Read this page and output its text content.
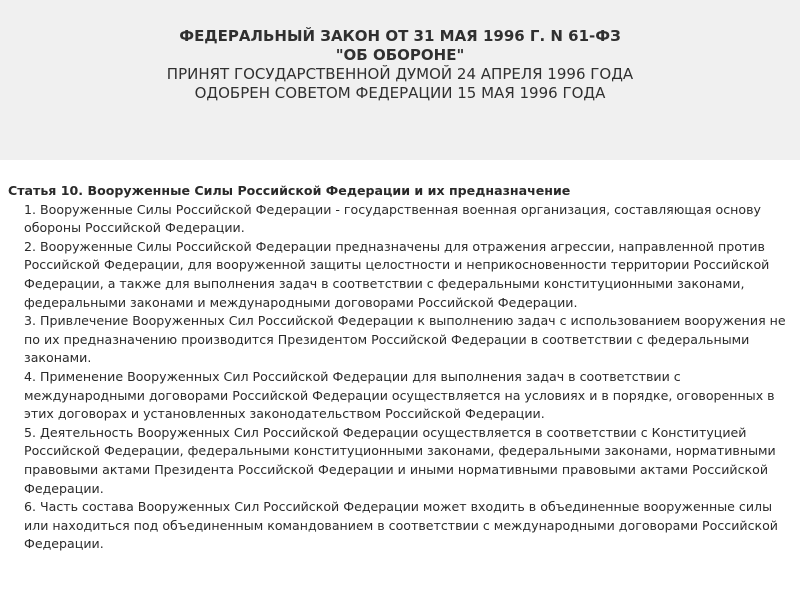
ФЕДЕРАЛЬНЫЙ ЗАКОН ОТ 31 МАЯ 1996 Г. N 61-ФЗ
"ОБ ОБОРОНЕ"
ПРИНЯТ ГОСУДАРСТВЕННОЙ ДУМОЙ 24 АПРЕЛЯ 1996 ГОДА
ОДОБРЕН СОВЕТОМ ФЕДЕРАЦИИ 15 МАЯ 1996 ГОДА
Статья 10. Вооруженные Силы Российской Федерации и их предназначение
1. Вооруженные Силы Российской Федерации - государственная военная организация, составляющая основу обороны Российской Федерации.
2. Вооруженные Силы Российской Федерации предназначены для отражения агрессии, направленной против Российской Федерации, для вооруженной защиты целостности и неприкосновенности территории Российской Федерации, а также для выполнения задач в соответствии с федеральными конституционными законами, федеральными законами и международными договорами Российской Федерации.
3. Привлечение Вооруженных Сил Российской Федерации к выполнению задач с использованием вооружения не по их предназначению производится Президентом Российской Федерации в соответствии с федеральными законами.
4. Применение Вооруженных Сил Российской Федерации для выполнения задач в соответствии с международными договорами Российской Федерации осуществляется на условиях и в порядке, оговоренных в этих договорах и установленных законодательством Российской Федерации.
5. Деятельность Вооруженных Сил Российской Федерации осуществляется в соответствии с Конституцией Российской Федерации, федеральными конституционными законами, федеральными законами, нормативными правовыми актами Президента Российской Федерации и иными нормативными правовыми актами Российской Федерации.
6. Часть состава Вооруженных Сил Российской Федерации может входить в объединенные вооруженные силы или находиться под объединенным командованием в соответствии с международными договорами Российской Федерации.
